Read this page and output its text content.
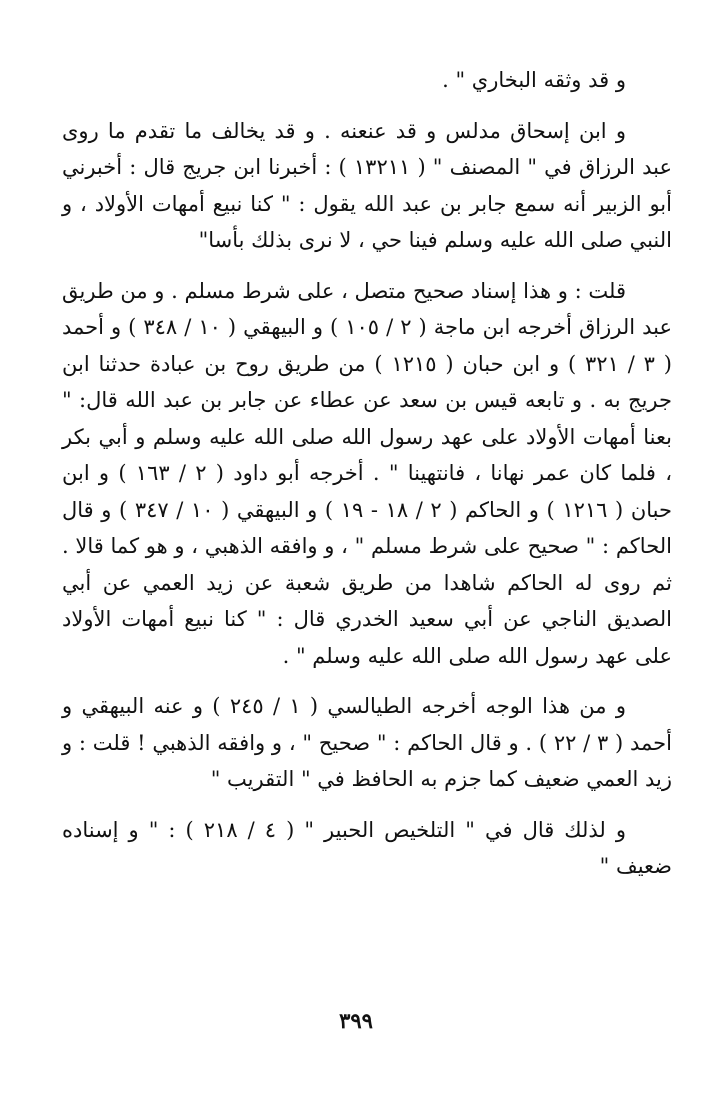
و قد وثقه البخاري " .

و ابن إسحاق مدلس و قد عنعنه . و قد يخالف ما تقدم ما روى عبد الرزاق في " المصنف " ( ١٣٢١١ ) : أخبرنا ابن جريج قال : أخبرني أبو الزبير أنه سمع جابر بن عبد الله يقول : " كنا نبيع أمهات الأولاد ، و النبي صلى الله عليه وسلم فينا حي ، لا نرى بذلك بأسا"

قلت : و هذا إسناد صحيح متصل ، على شرط مسلم . و من طريق عبد الرزاق أخرجه ابن ماجة ( ٢ / ١٠٥ ) و البيهقي ( ١٠ / ٣٤٨ ) و أحمد ( ٣ / ٣٢١ ) و ابن حبان ( ١٢١٥ ) من طريق روح بن عبادة حدثنا ابن جريج به . و تابعه قيس بن سعد عن عطاء عن جابر بن عبد الله قال: " بعنا أمهات الأولاد على عهد رسول الله صلى الله عليه وسلم و أبي بكر ، فلما كان عمر نهانا ، فانتهينا " . أخرجه أبو داود ( ٢ / ١٦٣ ) و ابن حبان ( ١٢١٦ ) و الحاكم ( ٢ / ١٨ - ١٩ ) و البيهقي ( ١٠ / ٣٤٧ ) و قال الحاكم : " صحيح على شرط مسلم " ، و وافقه الذهبي ، و هو كما قالا . ثم روى له الحاكم شاهدا من طريق شعبة عن زيد العمي عن أبي الصديق الناجي عن أبي سعيد الخدري قال : " كنا نبيع أمهات الأولاد على عهد رسول الله صلى الله عليه وسلم " .

و من هذا الوجه أخرجه الطيالسي ( ١ / ٢٤٥ ) و عنه البيهقي و أحمد ( ٣ / ٢٢ ) . و قال الحاكم : " صحيح " ، و وافقه الذهبي ! قلت : و زيد العمي ضعيف كما جزم به الحافظ في " التقريب "

و لذلك قال في " التلخيص الحبير " ( ٤ / ٢١٨ ) : " و إسناده ضعيف "

٣٩٩
